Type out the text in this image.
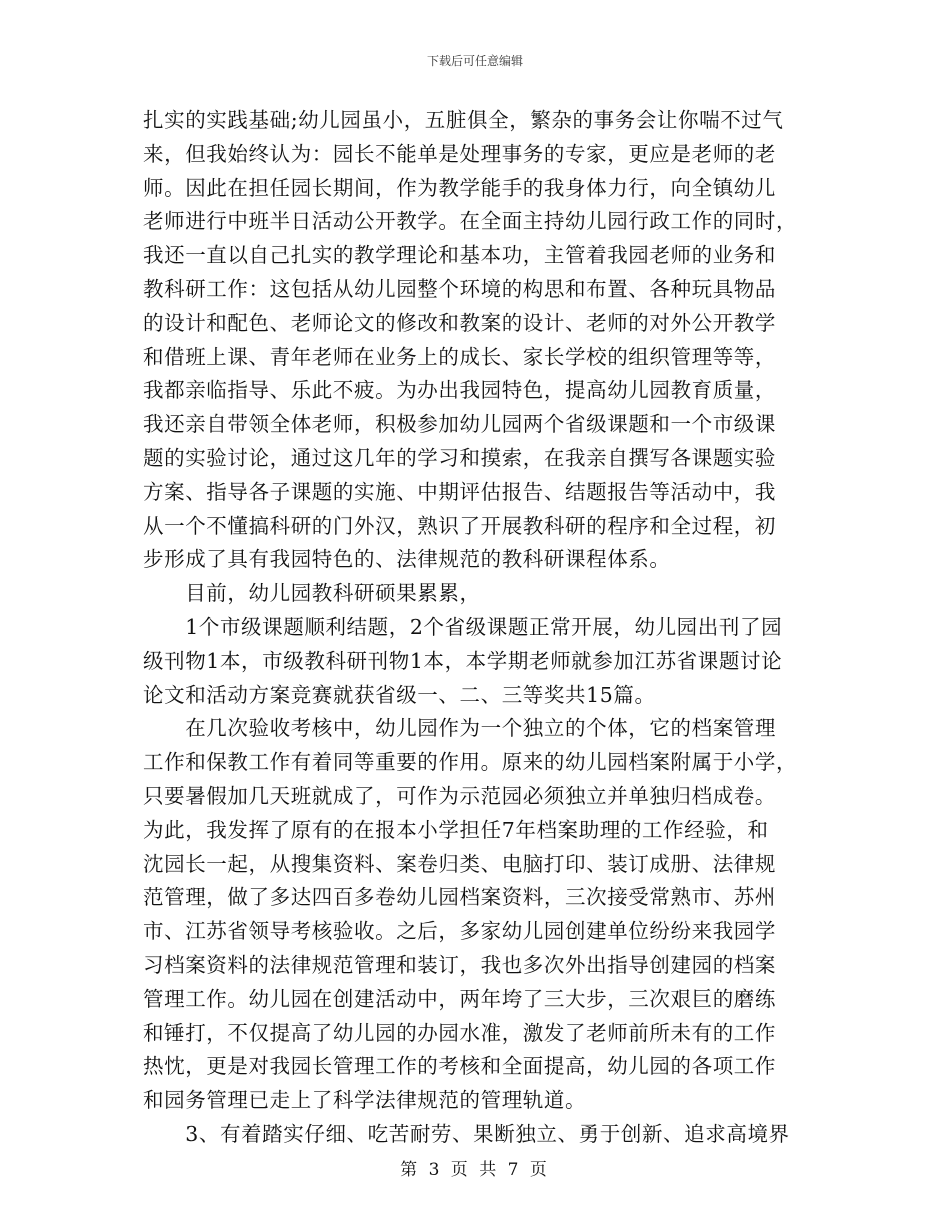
下载后可任意编辑
扎实的实践基础;幼儿园虽小，五脏俱全，繁杂的事务会让你喘不过气
来，但我始终认为：园长不能单是处理事务的专家，更应是老师的老
师。因此在担任园长期间，作为教学能手的我身体力行，向全镇幼儿
老师进行中班半日活动公开教学。在全面主持幼儿园行政工作的同时，
我还一直以自己扎实的教学理论和基本功，主管着我园老师的业务和
教科研工作：这包括从幼儿园整个环境的构思和布置、各种玩具物品
的设计和配色、老师论文的修改和教案的设计、老师的对外公开教学
和借班上课、青年老师在业务上的成长、家长学校的组织管理等等，
我都亲临指导、乐此不疲。为办出我园特色，提高幼儿园教育质量，
我还亲自带领全体老师，积极参加幼儿园两个省级课题和一个市级课
题的实验讨论，通过这几年的学习和摸索，在我亲自撰写各课题实验
方案、指导各子课题的实施、中期评估报告、结题报告等活动中，我
从一个不懂搞科研的门外汉，熟识了开展教科研的程序和全过程，初
步形成了具有我园特色的、法律规范的教科研课程体系。
　　目前，幼儿园教科研硕果累累，
　　1个市级课题顺利结题，2个省级课题正常开展，幼儿园出刊了园
级刊物1本，市级教科研刊物1本，本学期老师就参加江苏省课题讨论
论文和活动方案竞赛就获省级一、二、三等奖共15篇。
　　在几次验收考核中，幼儿园作为一个独立的个体，它的档案管理
工作和保教工作有着同等重要的作用。原来的幼儿园档案附属于小学，
只要暑假加几天班就成了，可作为示范园必须独立并单独归档成卷。
为此，我发挥了原有的在报本小学担任7年档案助理的工作经验，和
沈园长一起，从搜集资料、案卷归类、电脑打印、装订成册、法律规
范管理，做了多达四百多卷幼儿园档案资料，三次接受常熟市、苏州
市、江苏省领导考核验收。之后，多家幼儿园创建单位纷纷来我园学
习档案资料的法律规范管理和装订，我也多次外出指导创建园的档案
管理工作。幼儿园在创建活动中，两年垮了三大步，三次艰巨的磨练
和锤打，不仅提高了幼儿园的办园水准，激发了老师前所未有的工作
热忱，更是对我园长管理工作的考核和全面提高，幼儿园的各项工作
和园务管理已走上了科学法律规范的管理轨道。
　　3、有着踏实仔细、吃苦耐劳、果断独立、勇于创新、追求高境界
第 3 页 共 7 页
